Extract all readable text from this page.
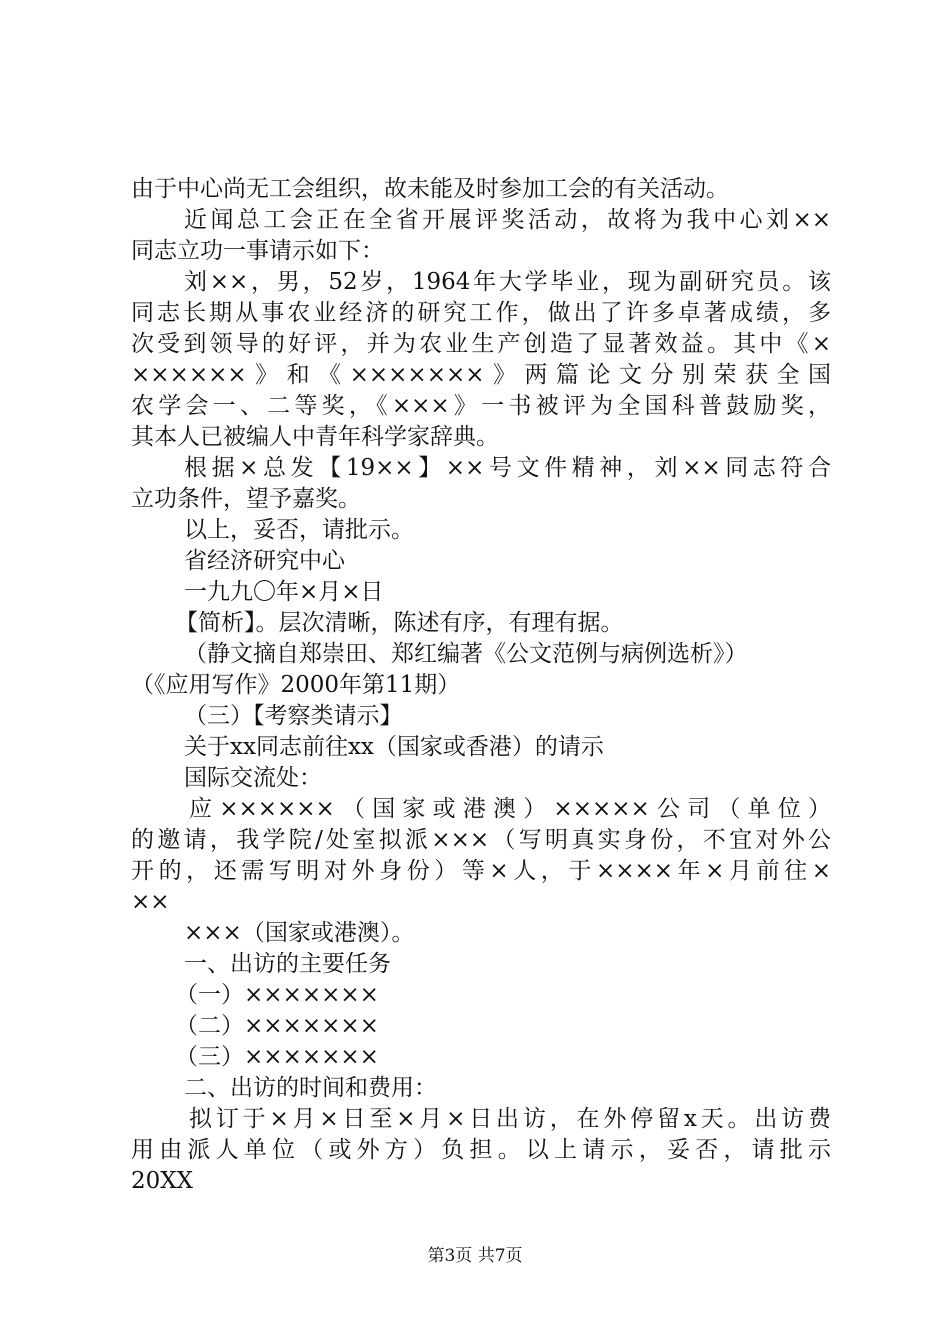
由于中心尚无工会组织，故未能及时参加工会的有关活动。
近闻总工会正在全省开展评奖活动，故将为我中心刘××
同志立功一事请示如下：
刘××，男，52岁，1964年大学毕业，现为副研究员。该
同志长期从事农业经济的研究工作，做出了许多卓著成绩，多
次受到领导的好评，并为农业生产创造了显著效益。其中《×
××××××》和《×××××××》两篇论文分别荣获全国
农学会一、二等奖，《×××》一书被评为全国科普鼓励奖，
其本人已被编人中青年科学家辞典。
根据×总发【19××】××号文件精神，刘××同志符合
立功条件，望予嘉奖。
以上，妥否，请批示。
省经济研究中心
一九九〇年×月×日
【简析】。层次清晰，陈述有序，有理有据。
（静文摘自郑崇田、郑红编著《公文范例与病例选析》）
（《应用写作》2000年第11期）
（三）【考察类请示】
关于xx同志前往xx（国家或香港）的请示
国际交流处：
应××××××（国家或港澳）×××××公司（单位）
的邀请，我学院/处室拟派×××（写明真实身份，不宜对外公
开的，还需写明对外身份）等×人，于××××年×月前往×
××
×××（国家或港澳）。
一、出访的主要任务
（一）×××××××
（二）×××××××
（三）×××××××
二、出访的时间和费用：
拟订于×月×日至×月×日出访，在外停留x天。出访费
用由派人单位（或外方）负担。以上请示，妥否，请批示
20XX
第3页 共7页
